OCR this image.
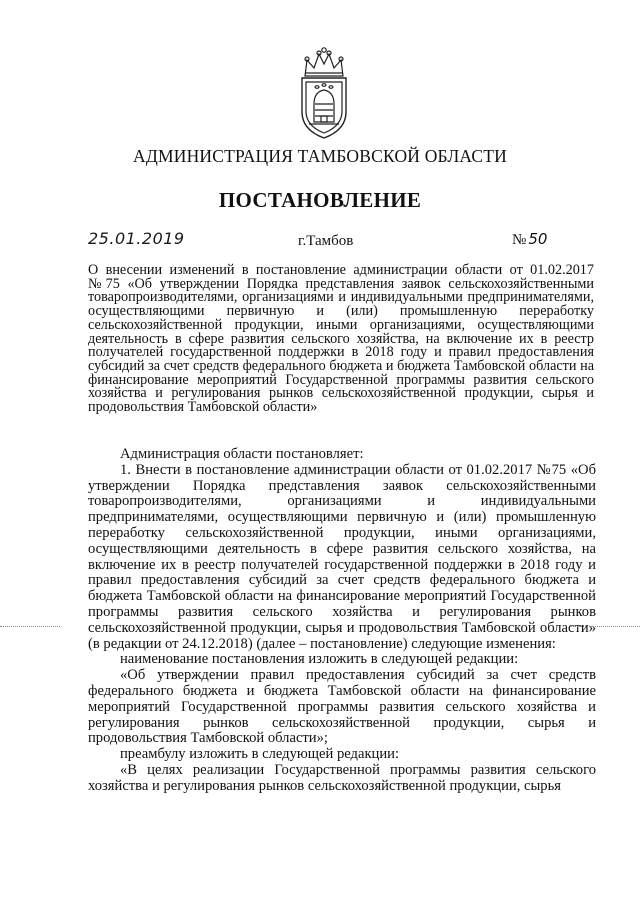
АДМИНИСТРАЦИЯ ТАМБОВСКОЙ ОБЛАСТИ
ПОСТАНОВЛЕНИЕ
25.01.2019	г.Тамбов	№ 50
О внесении изменений в постановление администрации области от 01.02.2017 №75 «Об утверждении Порядка представления заявок сельскохозяйственными товаропроизводителями, организациями и индивидуальными предпринимателями, осуществляющими первичную и (или) промышленную переработку сельскохозяйственной продукции, иными организациями, осуществляющими деятельность в сфере развития сельского хозяйства, на включение их в реестр получателей государственной поддержки в 2018 году и правил предоставления субсидий за счет средств федерального бюджета и бюджета Тамбовской области на финансирование мероприятий Государственной программы развития сельского хозяйства и регулирования рынков сельскохозяйственной продукции, сырья и продовольствия Тамбовской области»

Администрация области постановляет:

1. Внести в постановление администрации области от 01.02.2017 №75 «Об утверждении Порядка представления заявок сельскохозяйственными товаропроизводителями, организациями и индивидуальными предпринимателями, осуществляющими первичную и (или) промышленную переработку сельскохозяйственной продукции, иными организациями, осуществляющими деятельность в сфере развития сельского хозяйства, на включение их в реестр получателей государственной поддержки в 2018 году и правил предоставления субсидий за счет средств федерального бюджета и бюджета Тамбовской области на финансирование мероприятий Государственной программы развития сельского хозяйства и регулирования рынков сельскохозяйственной продукции, сырья и продовольствия Тамбовской области» (в редакции от 24.12.2018) (далее – постановление) следующие изменения:

наименование постановления изложить в следующей редакции:

«Об утверждении правил предоставления субсидий за счет средств федерального бюджета и бюджета Тамбовской области на финансирование мероприятий Государственной программы развития сельского хозяйства и регулирования рынков сельскохозяйственной продукции, сырья и продовольствия Тамбовской области»;

преамбулу изложить в следующей редакции:

«В целях реализации Государственной программы развития сельского хозяйства и регулирования рынков сельскохозяйственной продукции, сырья
